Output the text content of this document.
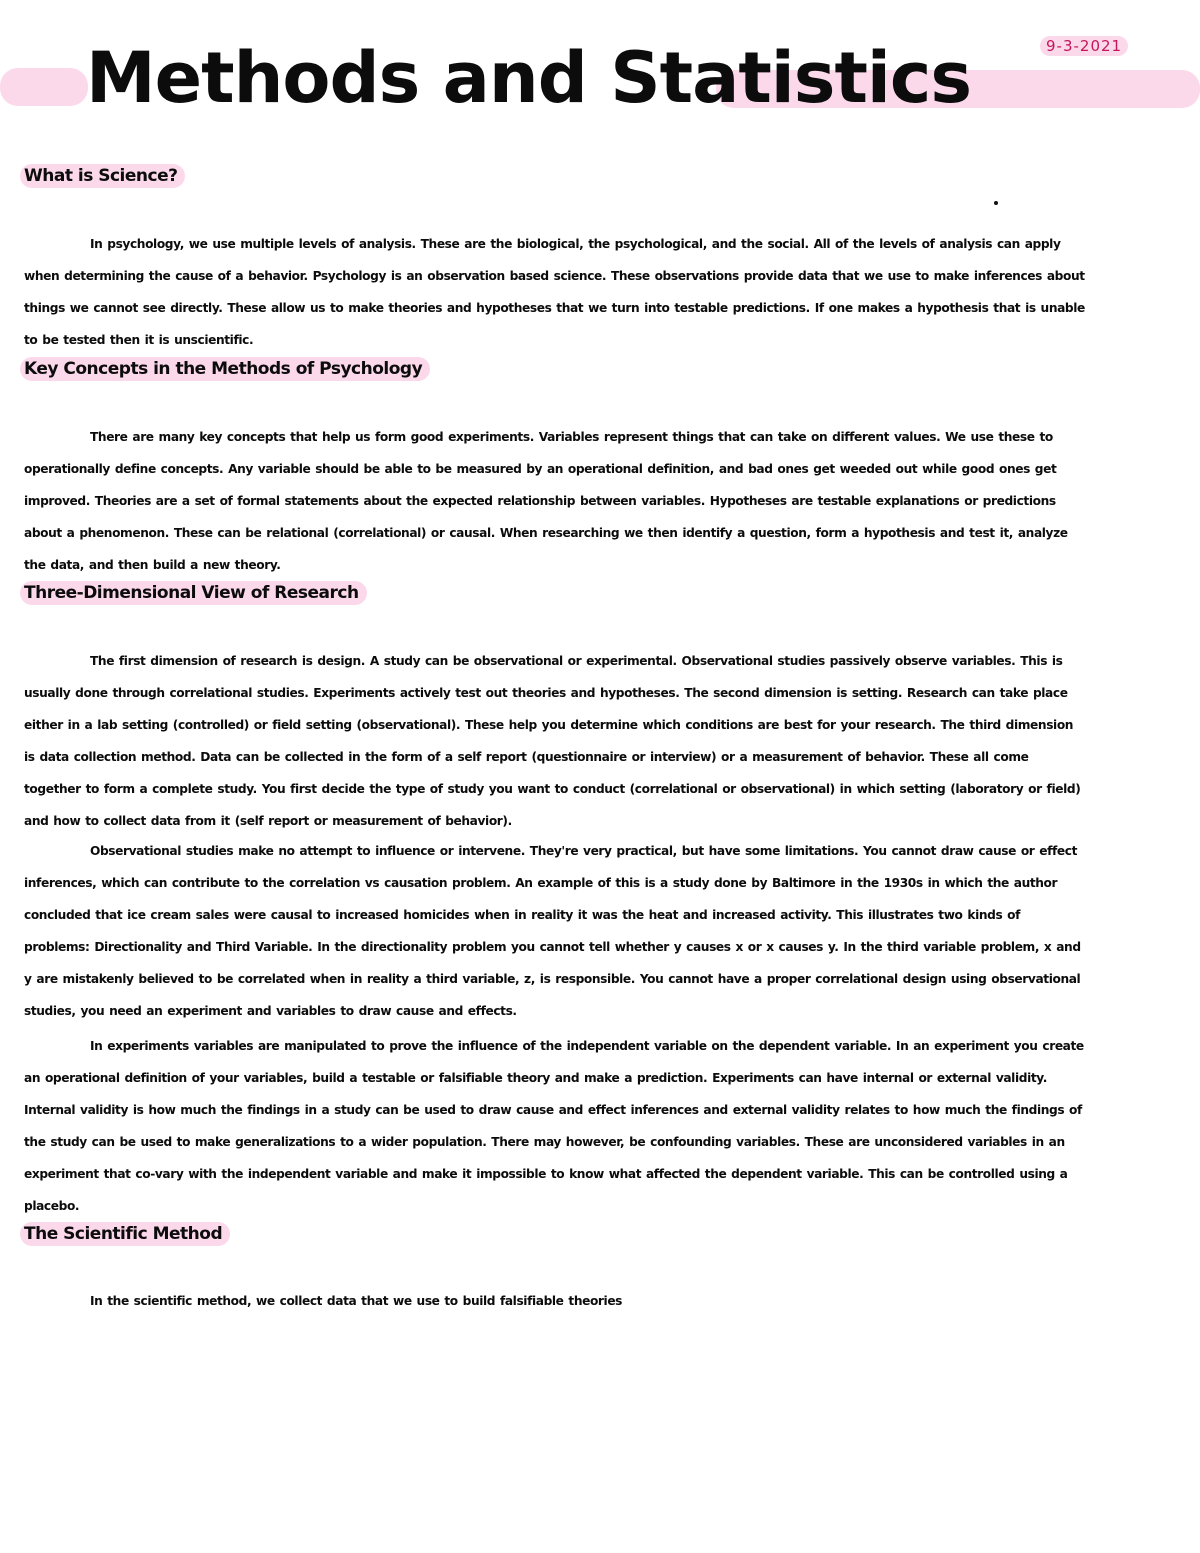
9-3-2021
Methods and Statistics
What is Science?

In psychology, we use multiple levels of analysis. These are the biological, the psychological, and the social. All of the levels of analysis can apply when determining the cause of a behavior. Psychology is an observation based science. These observations provide data that we use to make inferences about things we cannot see directly. These allow us to make theories and hypotheses that we turn into testable predictions. If one makes a hypothesis that is unable to be tested then it is unscientific.

Key Concepts in the Methods of Psychology

There are many key concepts that help us form good experiments. Variables represent things that can take on different values. We use these to operationally define concepts. Any variable should be able to be measured by an operational definition, and bad ones get weeded out while good ones get improved. Theories are a set of formal statements about the expected relationship between variables. Hypotheses are testable explanations or predictions about a phenomenon. These can be relational (correlational) or causal. When researching we then identify a question, form a hypothesis and test it, analyze the data, and then build a new theory.

Three-Dimensional View of Research

The first dimension of research is design. A study can be observational or experimental. Observational studies passively observe variables. This is usually done through correlational studies. Experiments actively test out theories and hypotheses. The second dimension is setting. Research can take place either in a lab setting (controlled) or field setting (observational). These help you determine which conditions are best for your research. The third dimension is data collection method. Data can be collected in the form of a self report (questionnaire or interview) or a measurement of behavior. These all come together to form a complete study. You first decide the type of study you want to conduct (correlational or observational) in which setting (laboratory or field) and how to collect data from it (self report or measurement of behavior).

Observational studies make no attempt to influence or intervene. They're very practical, but have some limitations. You cannot draw cause or effect inferences, which can contribute to the correlation vs causation problem. An example of this is a study done by Baltimore in the 1930s in which the author concluded that ice cream sales were causal to increased homicides when in reality it was the heat and increased activity. This illustrates two kinds of problems: Directionality and Third Variable. In the directionality problem you cannot tell whether y causes x or x causes y. In the third variable problem, x and y are mistakenly believed to be correlated when in reality a third variable, z, is responsible. You cannot have a proper correlational design using observational studies, you need an experiment and variables to draw cause and effects.

In experiments variables are manipulated to prove the influence of the independent variable on the dependent variable. In an experiment you create an operational definition of your variables, build a testable or falsifiable theory and make a prediction. Experiments can have internal or external validity. Internal validity is how much the findings in a study can be used to draw cause and effect inferences and external validity relates to how much the findings of the study can be used to make generalizations to a wider population. There may however, be confounding variables. These are unconsidered variables in an experiment that co-vary with the independent variable and make it impossible to know what affected the dependent variable. This can be controlled using a placebo.

The Scientific Method

In the scientific method, we collect data that we use to build falsifiable theories
